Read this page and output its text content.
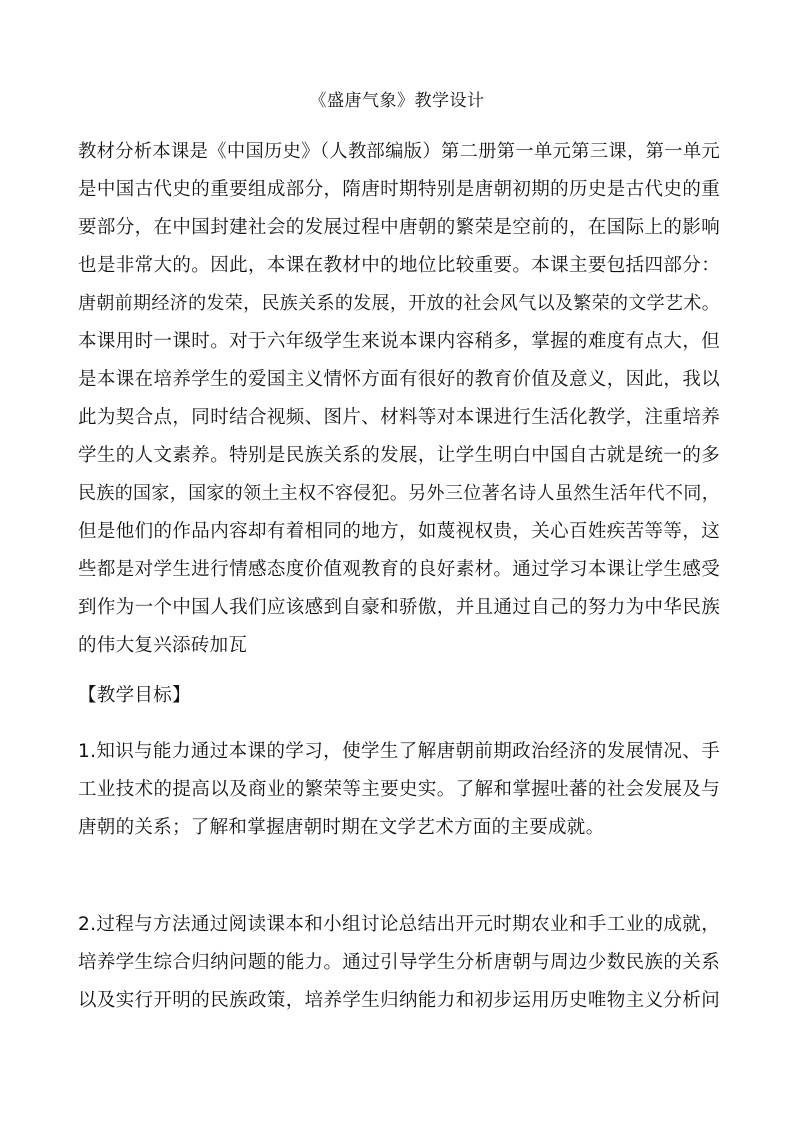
《盛唐气象》教学设计
教材分析本课是《中国历史》（人教部编版）第二册第一单元第三课，第一单元
是中国古代史的重要组成部分，隋唐时期特别是唐朝初期的历史是古代史的重
要部分，在中国封建社会的发展过程中唐朝的繁荣是空前的，在国际上的影响
也是非常大的。因此，本课在教材中的地位比较重要。本课主要包括四部分：
唐朝前期经济的发荣，民族关系的发展，开放的社会风气以及繁荣的文学艺术。
本课用时一课时。对于六年级学生来说本课内容稍多，掌握的难度有点大，但
是本课在培养学生的爱国主义情怀方面有很好的教育价值及意义，因此，我以
此为契合点，同时结合视频、图片、材料等对本课进行生活化教学，注重培养
学生的人文素养。特别是民族关系的发展，让学生明白中国自古就是统一的多
民族的国家，国家的领土主权不容侵犯。另外三位著名诗人虽然生活年代不同，
但是他们的作品内容却有着相同的地方，如蔑视权贵，关心百姓疾苦等等，这
些都是对学生进行情感态度价值观教育的良好素材。通过学习本课让学生感受
到作为一个中国人我们应该感到自豪和骄傲，并且通过自己的努力为中华民族
的伟大复兴添砖加瓦
【教学目标】
1.知识与能力通过本课的学习，使学生了解唐朝前期政治经济的发展情况、手
工业技术的提高以及商业的繁荣等主要史实。了解和掌握吐蕃的社会发展及与
唐朝的关系；了解和掌握唐朝时期在文学艺术方面的主要成就。
2.过程与方法通过阅读课本和小组讨论总结出开元时期农业和手工业的成就，
培养学生综合归纳问题的能力。通过引导学生分析唐朝与周边少数民族的关系
以及实行开明的民族政策，培养学生归纳能力和初步运用历史唯物主义分析问
